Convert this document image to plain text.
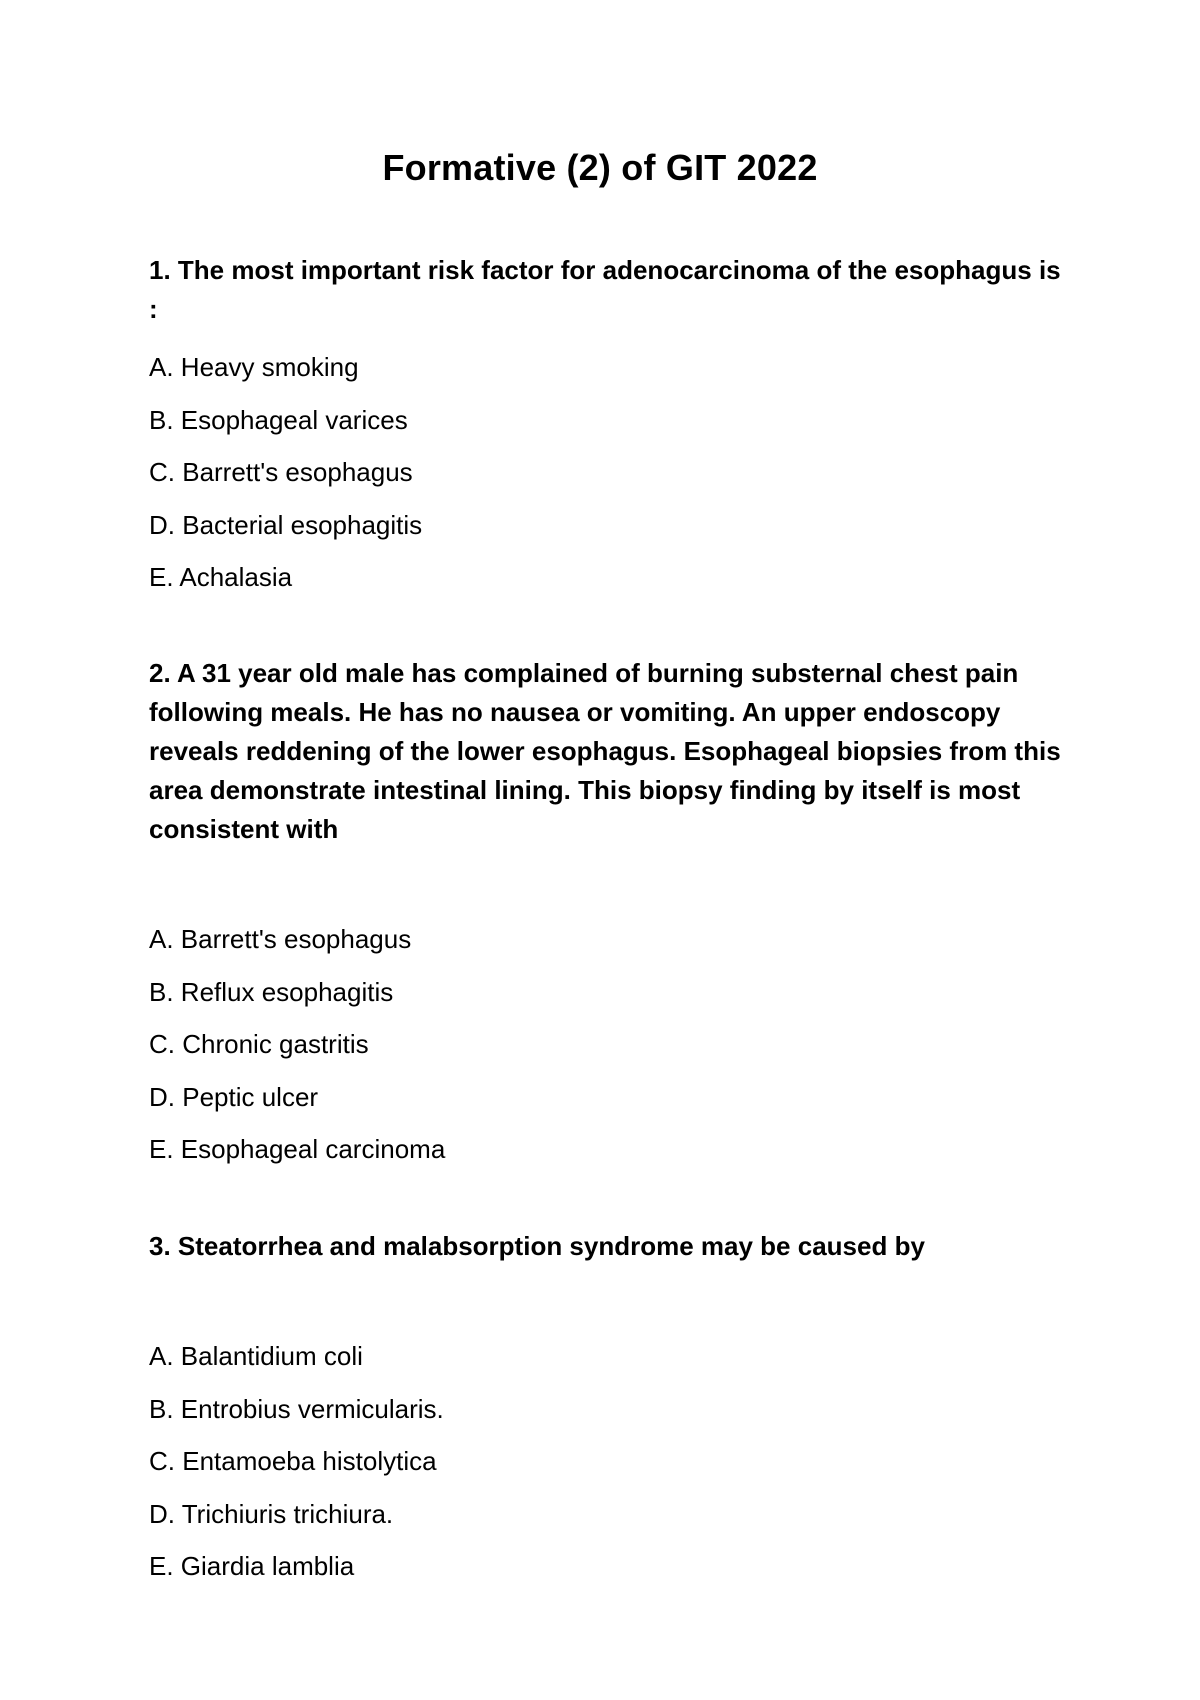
Formative (2) of GIT 2022

1. The most important risk factor for adenocarcinoma of the esophagus is :

A. Heavy smoking
B. Esophageal varices
C. Barrett's esophagus
D. Bacterial esophagitis
E. Achalasia

2. A 31 year old male has complained of burning substernal chest pain following meals. He has no nausea or vomiting. An upper endoscopy reveals reddening of the lower esophagus. Esophageal biopsies from this area demonstrate intestinal lining. This biopsy finding by itself is most consistent with

A. Barrett's esophagus
B. Reflux esophagitis
C. Chronic gastritis
D. Peptic ulcer
E. Esophageal carcinoma

3. Steatorrhea and malabsorption syndrome may be caused by

A. Balantidium coli
B. Entrobius vermicularis.
C. Entamoeba histolytica
D. Trichiuris trichiura.
E. Giardia lamblia
